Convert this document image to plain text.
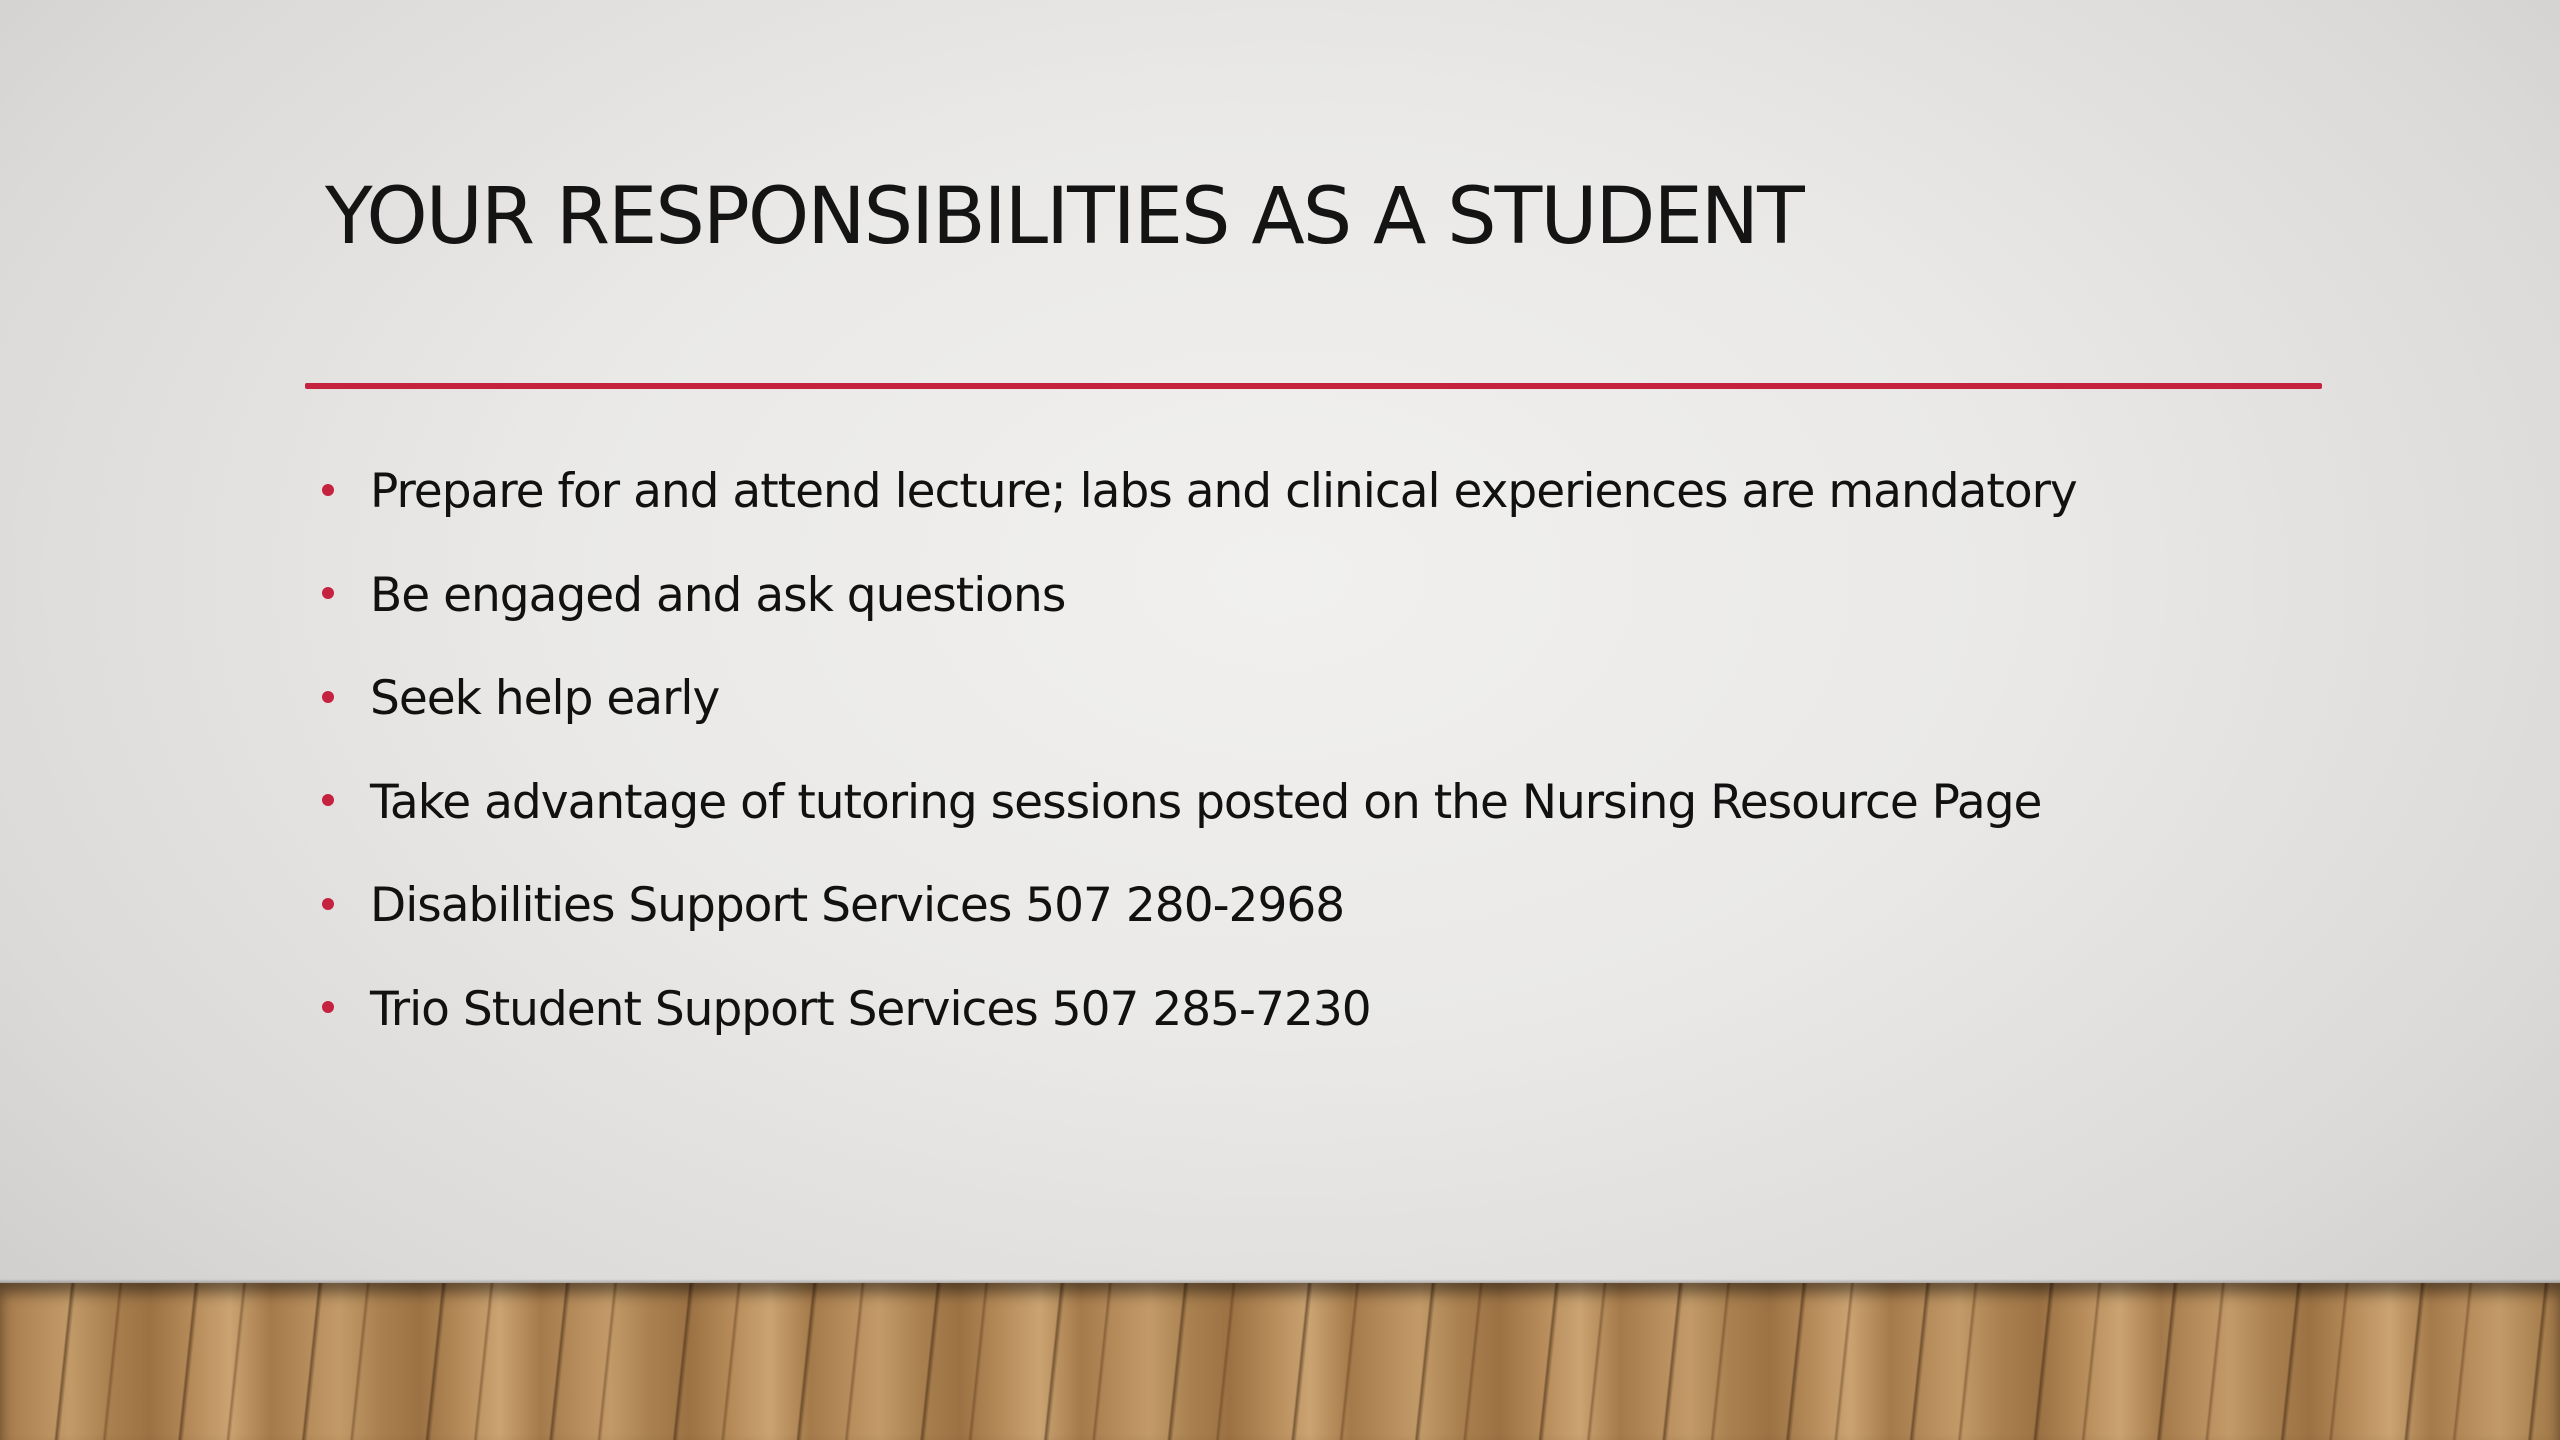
YOUR RESPONSIBILITIES AS A STUDENT
Prepare for and attend lecture; labs and clinical experiences are mandatory
Be engaged and ask questions
Seek help early
Take advantage of tutoring sessions posted on the Nursing Resource Page
Disabilities Support Services 507 280-2968
Trio Student Support Services 507 285-7230
